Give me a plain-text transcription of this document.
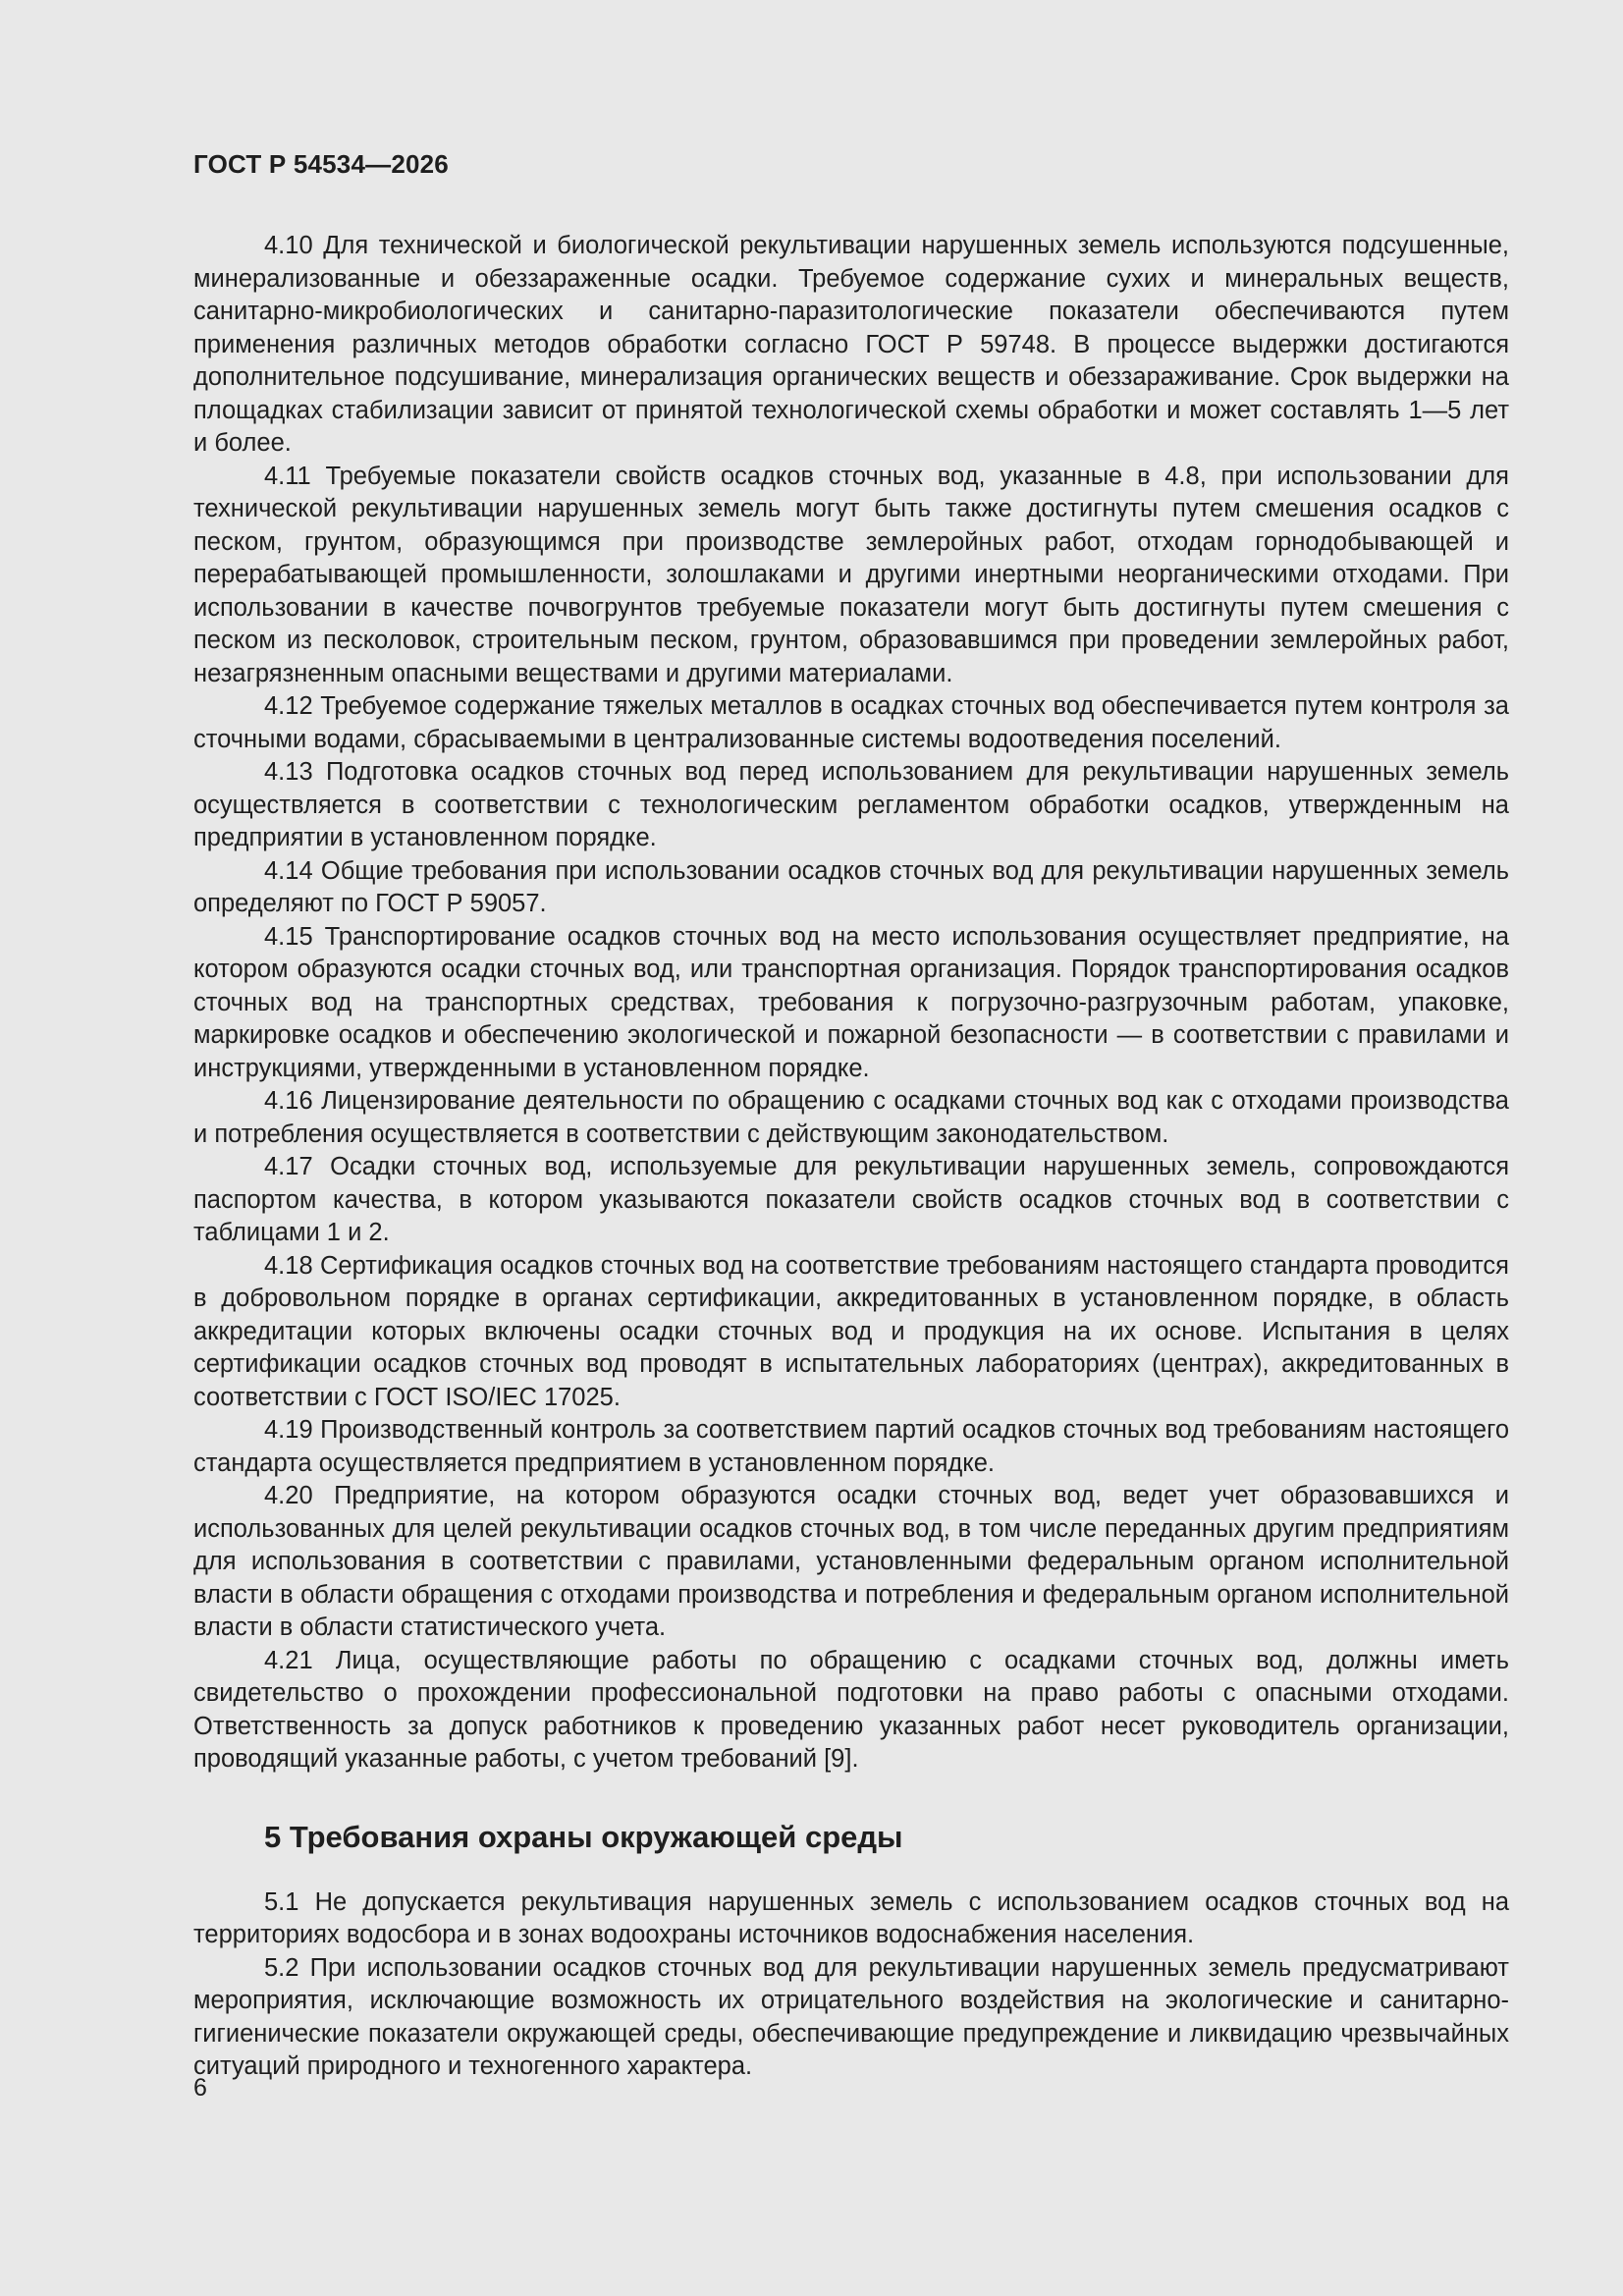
ГОСТ Р 54534—2026

4.10 Для технической и биологической рекультивации нарушенных земель используются подсушенные, минерализованные и обеззараженные осадки. Требуемое содержание сухих и минеральных веществ, санитарно-микробиологических и санитарно-паразитологические показатели обеспечиваются путем применения различных методов обработки согласно ГОСТ Р 59748. В процессе выдержки достигаются дополнительное подсушивание, минерализация органических веществ и обеззараживание. Срок выдержки на площадках стабилизации зависит от принятой технологической схемы обработки и может составлять 1—5 лет и более.

4.11 Требуемые показатели свойств осадков сточных вод, указанные в 4.8, при использовании для технической рекультивации нарушенных земель могут быть также достигнуты путем смешения осадков с песком, грунтом, образующимся при производстве землеройных работ, отходам горнодобывающей и перерабатывающей промышленности, золошлаками и другими инертными неорганическими отходами. При использовании в качестве почвогрунтов требуемые показатели могут быть достигнуты путем смешения с песком из песколовок, строительным песком, грунтом, образовавшимся при проведении землеройных работ, незагрязненным опасными веществами и другими материалами.

4.12 Требуемое содержание тяжелых металлов в осадках сточных вод обеспечивается путем контроля за сточными водами, сбрасываемыми в централизованные системы водоотведения поселений.

4.13 Подготовка осадков сточных вод перед использованием для рекультивации нарушенных земель осуществляется в соответствии с технологическим регламентом обработки осадков, утвержденным на предприятии в установленном порядке.

4.14 Общие требования при использовании осадков сточных вод для рекультивации нарушенных земель определяют по ГОСТ Р 59057.

4.15 Транспортирование осадков сточных вод на место использования осуществляет предприятие, на котором образуются осадки сточных вод, или транспортная организация. Порядок транспортирования осадков сточных вод на транспортных средствах, требования к погрузочно-разгрузочным работам, упаковке, маркировке осадков и обеспечению экологической и пожарной безопасности — в соответствии с правилами и инструкциями, утвержденными в установленном порядке.

4.16 Лицензирование деятельности по обращению с осадками сточных вод как с отходами производства и потребления осуществляется в соответствии с действующим законодательством.

4.17 Осадки сточных вод, используемые для рекультивации нарушенных земель, сопровождаются паспортом качества, в котором указываются показатели свойств осадков сточных вод в соответствии с таблицами 1 и 2.

4.18 Сертификация осадков сточных вод на соответствие требованиям настоящего стандарта проводится в добровольном порядке в органах сертификации, аккредитованных в установленном порядке, в область аккредитации которых включены осадки сточных вод и продукция на их основе. Испытания в целях сертификации осадков сточных вод проводят в испытательных лабораториях (центрах), аккредитованных в соответствии с ГОСТ ISO/IEC 17025.

4.19 Производственный контроль за соответствием партий осадков сточных вод требованиям настоящего стандарта осуществляется предприятием в установленном порядке.

4.20 Предприятие, на котором образуются осадки сточных вод, ведет учет образовавшихся и использованных для целей рекультивации осадков сточных вод, в том числе переданных другим предприятиям для использования в соответствии с правилами, установленными федеральным органом исполнительной власти в области обращения с отходами производства и потребления и федеральным органом исполнительной власти в области статистического учета.

4.21 Лица, осуществляющие работы по обращению с осадками сточных вод, должны иметь свидетельство о прохождении профессиональной подготовки на право работы с опасными отходами. Ответственность за допуск работников к проведению указанных работ несет руководитель организации, проводящий указанные работы, с учетом требований [9].

5 Требования охраны окружающей среды

5.1 Не допускается рекультивация нарушенных земель с использованием осадков сточных вод на территориях водосбора и в зонах водоохраны источников водоснабжения населения.

5.2 При использовании осадков сточных вод для рекультивации нарушенных земель предусматривают мероприятия, исключающие возможность их отрицательного воздействия на экологические и санитарно-гигиенические показатели окружающей среды, обеспечивающие предупреждение и ликвидацию чрезвычайных ситуаций природного и техногенного характера.

6
